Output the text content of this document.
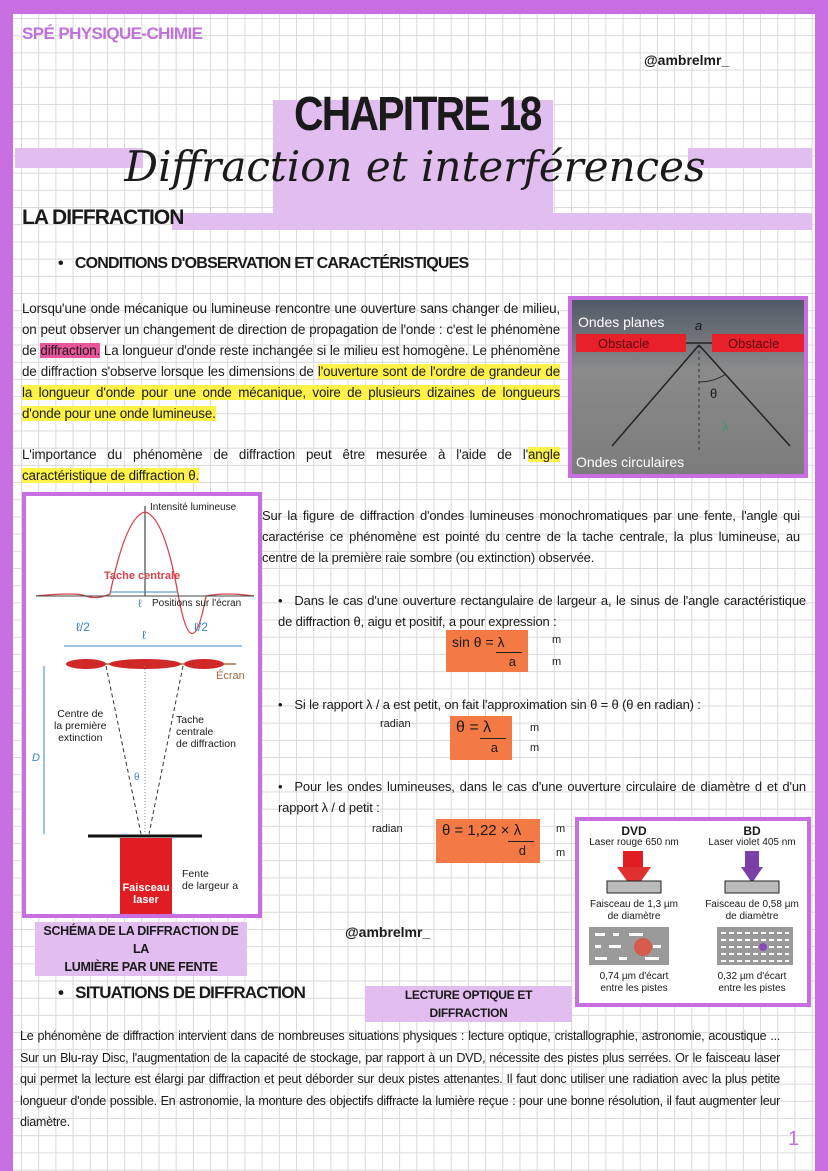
SPÉ PHYSIQUE-CHIMIE
@ambrelmr_
CHAPITRE 18
Diffraction et interférences
LA DIFFRACTION
• CONDITIONS D'OBSERVATION ET CARACTÉRISTIQUES
Lorsqu'une onde mécanique ou lumineuse rencontre une ouverture sans changer de milieu, on peut observer un changement de direction de propagation de l'onde : c'est le phénomène de diffraction. La longueur d'onde reste inchangée si le milieu est homogène. Le phénomène de diffraction s'observe lorsque les dimensions de l'ouverture sont de l'ordre de grandeur de la longueur d'onde pour une onde mécanique, voire de plusieurs dizaines de longueurs d'onde pour une onde lumineuse.
L'importance du phénomène de diffraction peut être mesurée à l'aide de l'angle caractéristique de diffraction θ.
Ondes planes
Obstacle	Obstacle
a
θ
λ
Ondes circulaires
Intensité lumineuse
Tache centrale
ℓ Positions sur l'écran
ℓ/2
ℓ
ℓ/2
Écran
Centre de
la première
extinction
Tache
centrale
de diffraction
D
θ
Fente
de largeur a
Faisceau
laser
SCHÉMA DE LA DIFFRACTION DE LA
LUMIÈRE PAR UNE FENTE
@ambrelmr_
Sur la figure de diffraction d'ondes lumineuses monochromatiques par une fente, l'angle qui caractérise ce phénomène est pointé du centre de la tache centrale, la plus lumineuse, au centre de la première raie sombre (ou extinction) observée.
• Dans le cas d'une ouverture rectangulaire de largeur a, le sinus de l'angle caractéristique de diffraction θ, aigu et positif, a pour expression :
$\frac{\text{sin θ = λ}}{a}$ m
m
• Si le rapport λ / a est petit, on fait l'approximation sin θ = θ (θ en radian) :
radian	θ = λ
a
m
m
• Pour les ondes lumineuses, dans le cas d'une ouverture circulaire de diamètre d et d'un rapport λ / d petit :
radian $\frac{\theta = 1,22 \times \lambda}{d}$ m
m
DVD
Laser rouge 650 nm
Faisceau de 1,3 µm
de diamètre
0,74 µm d'écart
entre les pistes
BD
Laser violet 405 nm
Faisceau de 0,58 µm
de diamètre
0,32 µm d'écart
entre les pistes
• SITUATIONS DE DIFFRACTION	LECTURE OPTIQUE ET DIFFRACTION
Le phénomène de diffraction intervient dans de nombreuses situations physiques : lecture optique, cristallographie, astronomie, acoustique ... Sur un Blu-ray Disc, l'augmentation de la capacité de stockage, par rapport à un DVD, nécessite des pistes plus serrées. Or le faisceau laser qui permet la lecture est élargi par diffraction et peut déborder sur deux pistes attenantes. Il faut donc utiliser une radiation avec la plus petite longueur d'onde possible. En astronomie, la monture des objectifs diffracte la lumière reçue : pour une bonne résolution, il faut augmenter leur diamètre.
1
